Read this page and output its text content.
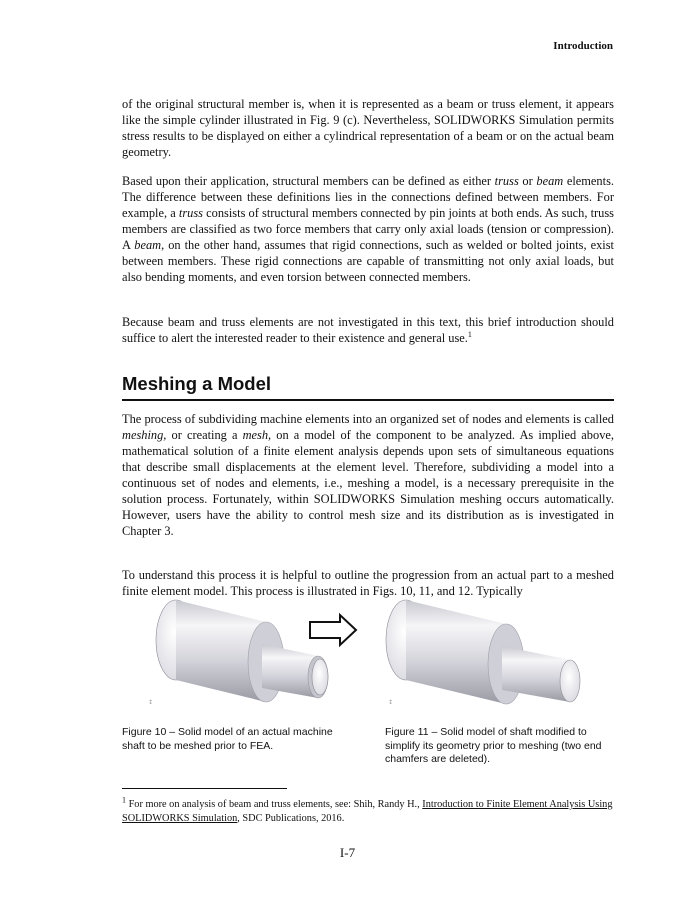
Introduction

of the original structural member is, when it is represented as a beam or truss element, it appears like the simple cylinder illustrated in Fig. 9 (c). Nevertheless, SOLIDWORKS Simulation permits stress results to be displayed on either a cylindrical representation of a beam or on the actual beam geometry.

Based upon their application, structural members can be defined as either truss or beam elements. The difference between these definitions lies in the connections defined between members. For example, a truss consists of structural members connected by pin joints at both ends. As such, truss members are classified as two force members that carry only axial loads (tension or compression). A beam, on the other hand, assumes that rigid connections, such as welded or bolted joints, exist between members. These rigid connections are capable of transmitting not only axial loads, but also bending moments, and even torsion between connected members.

Because beam and truss elements are not investigated in this text, this brief introduction should suffice to alert the interested reader to their existence and general use.$^1$

Meshing a Model

The process of subdividing machine elements into an organized set of nodes and elements is called meshing, or creating a mesh, on a model of the component to be analyzed. As implied above, mathematical solution of a finite element analysis depends upon sets of simultaneous equations that describe small displacements at the element level. Therefore, subdividing a model into a continuous set of nodes and elements, i.e., meshing a model, is a necessary prerequisite in the solution process. Fortunately, within SOLIDWORKS Simulation meshing occurs automatically. However, users have the ability to control mesh size and its distribution as is investigated in Chapter 3.

To understand this process it is helpful to outline the progression from an actual part to a meshed finite element model. This process is illustrated in Figs. 10, 11, and 12. Typically

↕	↕
Figure 10 – Solid model of an actual machine shaft to be meshed prior to FEA.
Figure 11 – Solid model of shaft modified to simplify its geometry prior to meshing (two end chamfers are deleted).
$^1$ For more on analysis of beam and truss elements, see: Shih, Randy H., Introduction to Finite Element Analysis Using SOLIDWORKS Simulation, SDC Publications, 2016.
I-7
